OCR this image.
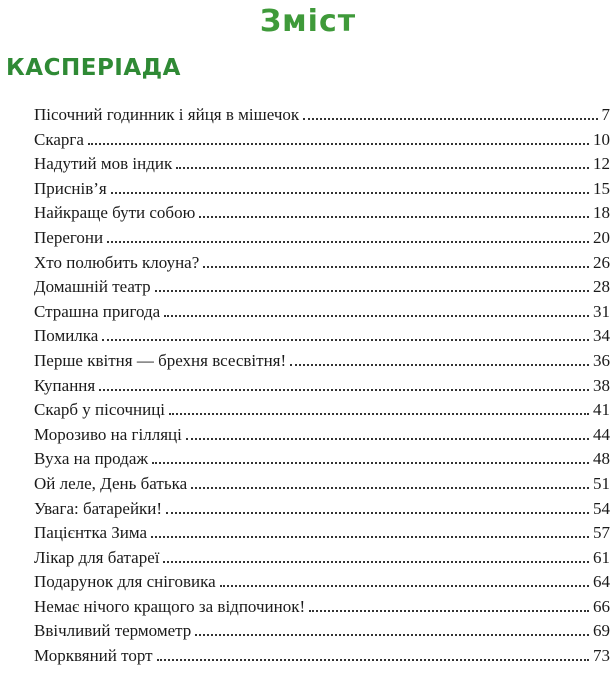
Зміст
КАСПЕРІАДА
Пісочний годинник і яйця в мішечок	7
Скарга	10
Надутий мов індик	12
Приснів’я	15
Найкраще бути собою	18
Перегони	20
Хто полюбить клоуна?	26
Домашній театр	28
Страшна пригода	31
Помилка	34
Перше квітня — брехня всесвітня!	36
Купання	38
Скарб у пісочниці	41
Морозиво на гілляці	44
Вуха на продаж	48
Ой леле, День батька	51
Увага: батарейки!	54
Пацієнтка Зима	57
Лікар для батареї	61
Подарунок для сніговика	64
Немає нічого кращого за відпочинок!	66
Ввічливий термометр	69
Морквяний торт	73
